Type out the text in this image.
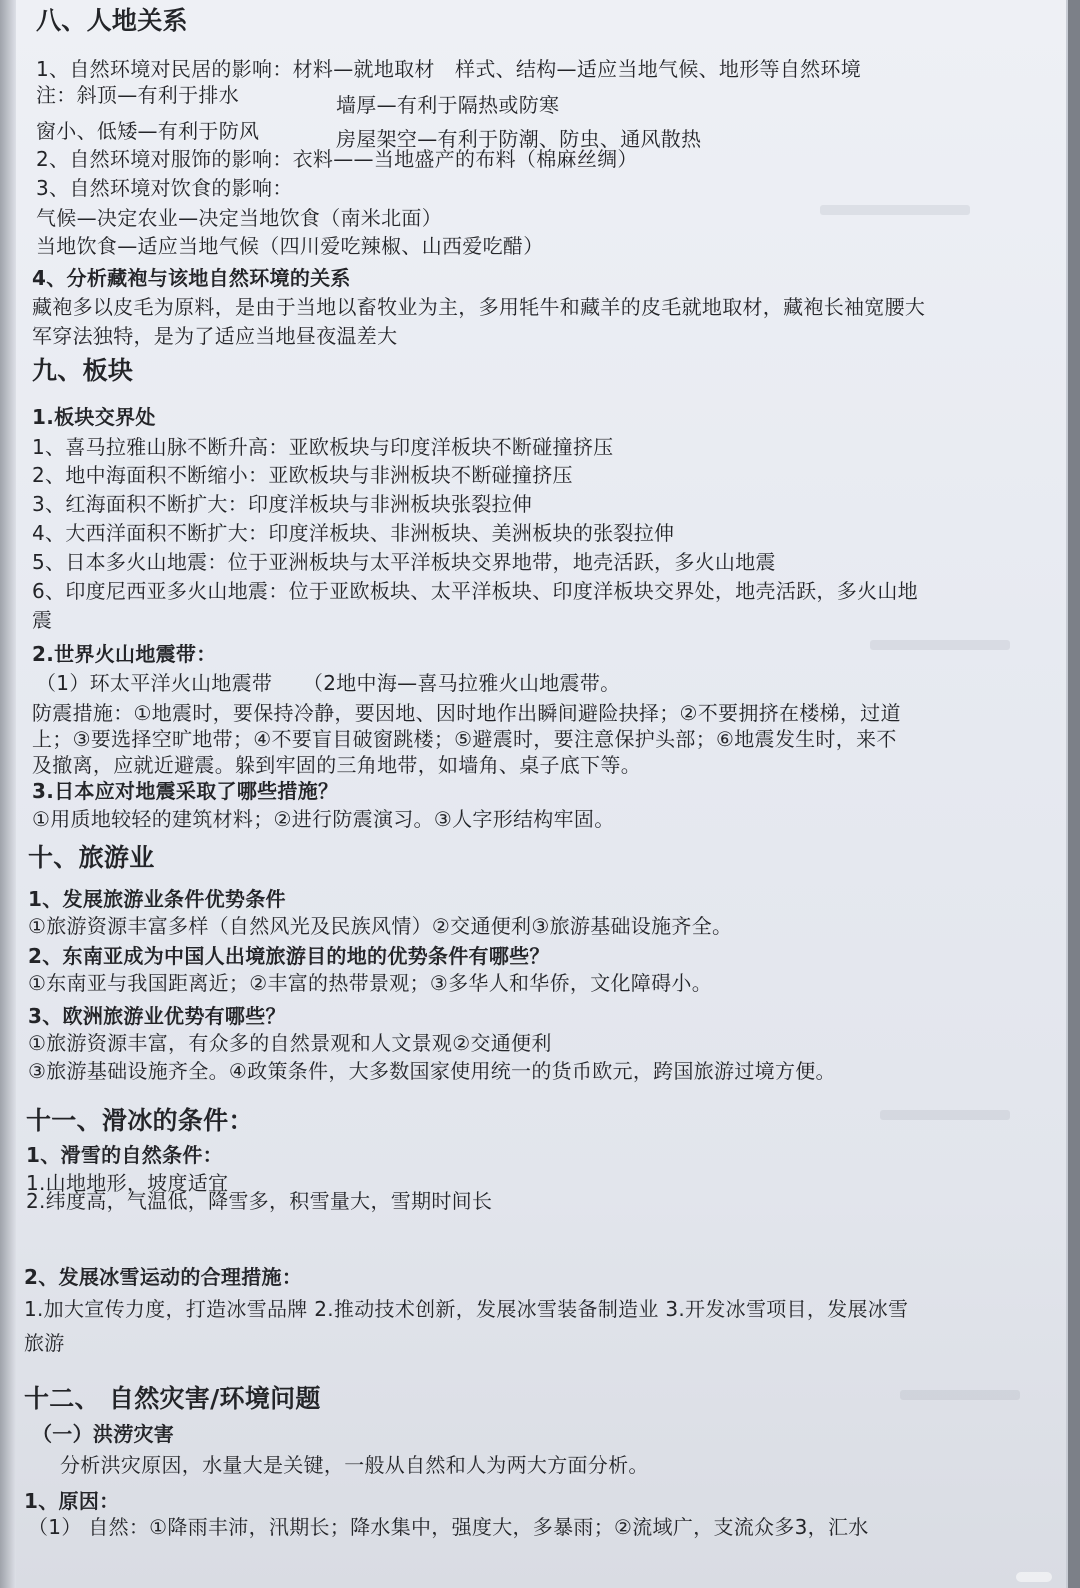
八、人地关系
1、自然环境对民居的影响：材料—就地取材　样式、结构—适应当地气候、地形等自然环境
注：斜顶—有利于排水	墙厚—有利于隔热或防寒
窗小、低矮—有利于防风	房屋架空—有利于防潮、防虫、通风散热
2、自然环境对服饰的影响：衣料——当地盛产的布料（棉麻丝绸）
3、自然环境对饮食的影响：
气候—决定农业—决定当地饮食（南米北面）
当地饮食—适应当地气候（四川爱吃辣椒、山西爱吃醋）
4、分析藏袍与该地自然环境的关系
藏袍多以皮毛为原料，是由于当地以畜牧业为主，多用牦牛和藏羊的皮毛就地取材，藏袍长袖宽腰大
军穿法独特，是为了适应当地昼夜温差大
九、板块
1.板块交界处
1、喜马拉雅山脉不断升高：亚欧板块与印度洋板块不断碰撞挤压
2、地中海面积不断缩小：亚欧板块与非洲板块不断碰撞挤压
3、红海面积不断扩大：印度洋板块与非洲板块张裂拉伸
4、大西洋面积不断扩大：印度洋板块、非洲板块、美洲板块的张裂拉伸
5、日本多火山地震：位于亚洲板块与太平洋板块交界地带，地壳活跃，多火山地震
6、印度尼西亚多火山地震：位于亚欧板块、太平洋板块、印度洋板块交界处，地壳活跃，多火山地
震
2.世界火山地震带：
（1）环太平洋火山地震带　　（2地中海—喜马拉雅火山地震带。
防震措施：①地震时，要保持冷静，要因地、因时地作出瞬间避险抉择；②不要拥挤在楼梯，过道
上；③要选择空旷地带；④不要盲目破窗跳楼；⑤避震时，要注意保护头部；⑥地震发生时，来不
及撤离，应就近避震。躲到牢固的三角地带，如墙角、桌子底下等。
3.日本应对地震采取了哪些措施？
①用质地较轻的建筑材料；②进行防震演习。③人字形结构牢固。
十、旅游业
1、发展旅游业条件优势条件
①旅游资源丰富多样（自然风光及民族风情）②交通便利③旅游基础设施齐全。
2、东南亚成为中国人出境旅游目的地的优势条件有哪些？
①东南亚与我国距离近；②丰富的热带景观；③多华人和华侨，文化障碍小。
3、欧洲旅游业优势有哪些？
①旅游资源丰富，有众多的自然景观和人文景观②交通便利
③旅游基础设施齐全。④政策条件，大多数国家使用统一的货币欧元，跨国旅游过境方便。
十一、滑冰的条件：
1、滑雪的自然条件：
1.山地地形，坡度适宜
2.纬度高，气温低，降雪多，积雪量大，雪期时间长
2、发展冰雪运动的合理措施：
1.加大宣传力度，打造冰雪品牌 2.推动技术创新，发展冰雪装备制造业 3.开发冰雪项目，发展冰雪
旅游
十二、 自然灾害/环境问题
（一）洪涝灾害
分析洪灾原因，水量大是关键，一般从自然和人为两大方面分析。
1、原因：
（1） 自然：①降雨丰沛，汛期长；降水集中，强度大，多暴雨；②流域广，支流众多3，汇水
